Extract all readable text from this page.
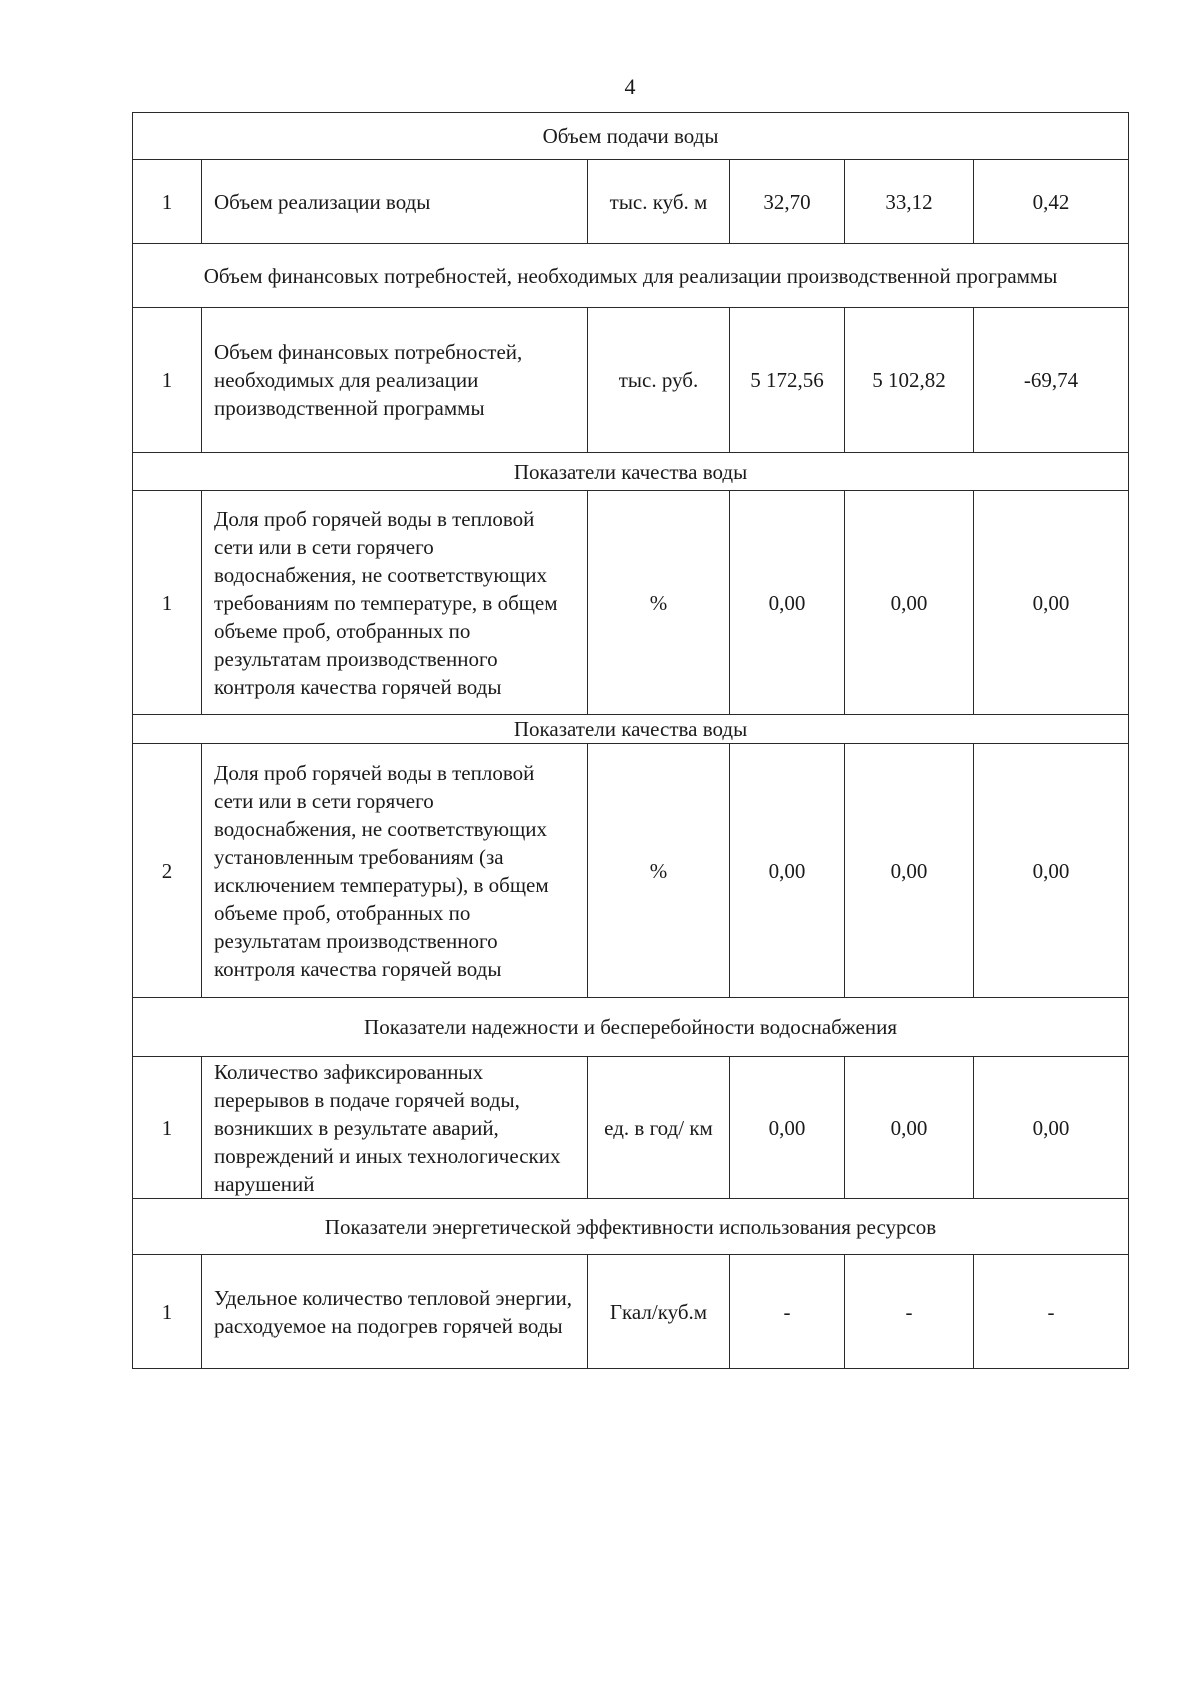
4
Объем подачи воды					
1	Объем реализации воды	тыс. куб. м	32,70	33,12	0,42
Объем финансовых потребностей, необходимых для реализации производственной программы					
1	Объем финансовых потребностей, необходимых для реализации производственной программы	тыс. руб.	5 172,56	5 102,82	-69,74
Показатели качества воды					
1	Доля проб горячей воды в тепловой сети или в сети горячего водоснабжения, не соответствующих требованиям по температуре, в общем объеме проб, отобранных по результатам производственного контроля качества горячей воды	%	0,00	0,00	0,00
Показатели качества воды					
2	Доля проб горячей воды в тепловой сети или в сети горячего водоснабжения, не соответствующих установленным требованиям (за исключением температуры), в общем объеме проб, отобранных по результатам производственного контроля качества горячей воды	%	0,00	0,00	0,00
Показатели надежности и бесперебойности водоснабжения					
1	Количество зафиксированных перерывов в подаче горячей воды, возникших в результате аварий, повреждений и иных технологических нарушений	ед. в год/ км	0,00	0,00	0,00
Показатели энергетической эффективности использования ресурсов					
1	Удельное количество тепловой энергии, расходуемое на подогрев горячей воды	Гкал/куб.м	-	-	-
